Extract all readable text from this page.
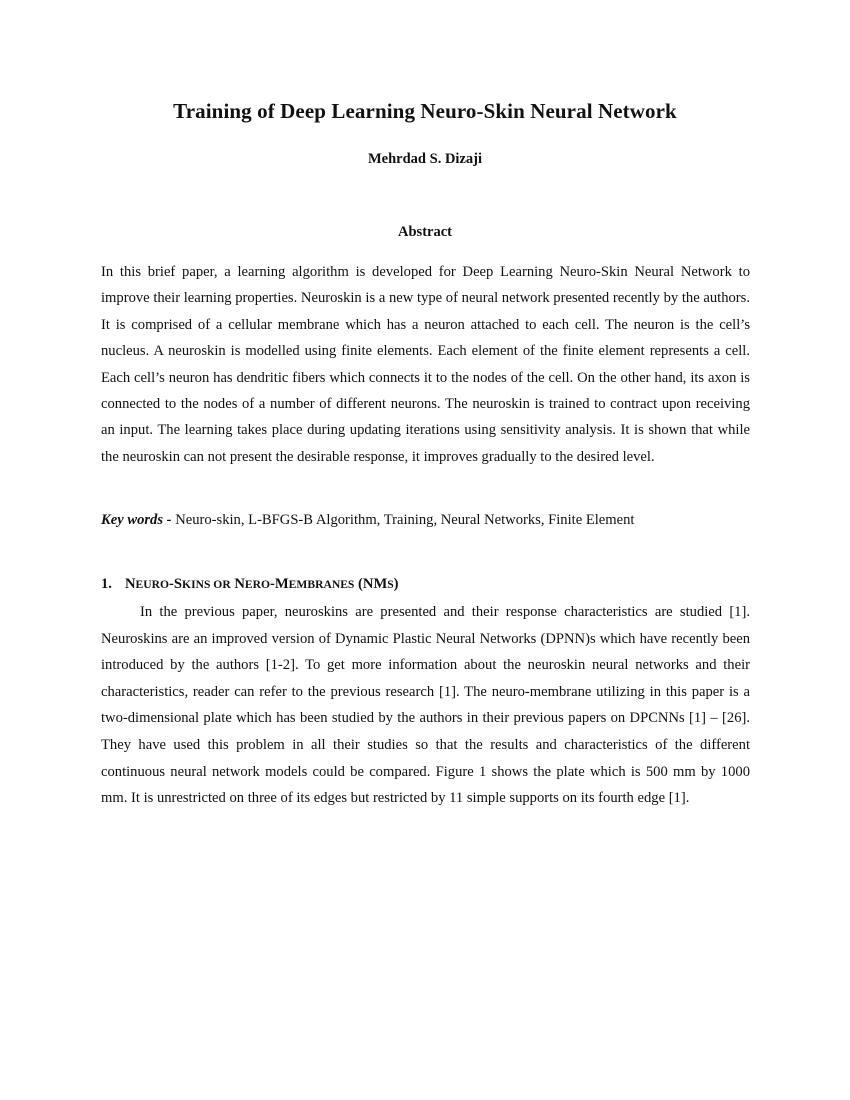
Training of Deep Learning Neuro-Skin Neural Network
Mehrdad S. Dizaji
Abstract

In this brief paper, a learning algorithm is developed for Deep Learning Neuro-Skin Neural Network to improve their learning properties. Neuroskin is a new type of neural network presented recently by the authors. It is comprised of a cellular membrane which has a neuron attached to each cell. The neuron is the cell’s nucleus. A neuroskin is modelled using finite elements. Each element of the finite element represents a cell. Each cell’s neuron has dendritic fibers which connects it to the nodes of the cell. On the other hand, its axon is connected to the nodes of a number of different neurons. The neuroskin is trained to contract upon receiving an input. The learning takes place during updating iterations using sensitivity analysis. It is shown that while the neuroskin can not present the desirable response, it improves gradually to the desired level.

Key words - Neuro-skin, L-BFGS-B Algorithm, Training, Neural Networks, Finite Element

1. NEURO-SKINS OR NERO-MEMBRANES (NMS)

In the previous paper, neuroskins are presented and their response characteristics are studied [1]. Neuroskins are an improved version of Dynamic Plastic Neural Networks (DPNN)s which have recently been introduced by the authors [1-2]. To get more information about the neuroskin neural networks and their characteristics, reader can refer to the previous research [1]. The neuro-membrane utilizing in this paper is a two-dimensional plate which has been studied by the authors in their previous papers on DPCNNs [1] – [26]. They have used this problem in all their studies so that the results and characteristics of the different continuous neural network models could be compared. Figure 1 shows the plate which is 500 mm by 1000 mm. It is unrestricted on three of its edges but restricted by 11 simple supports on its fourth edge [1].
